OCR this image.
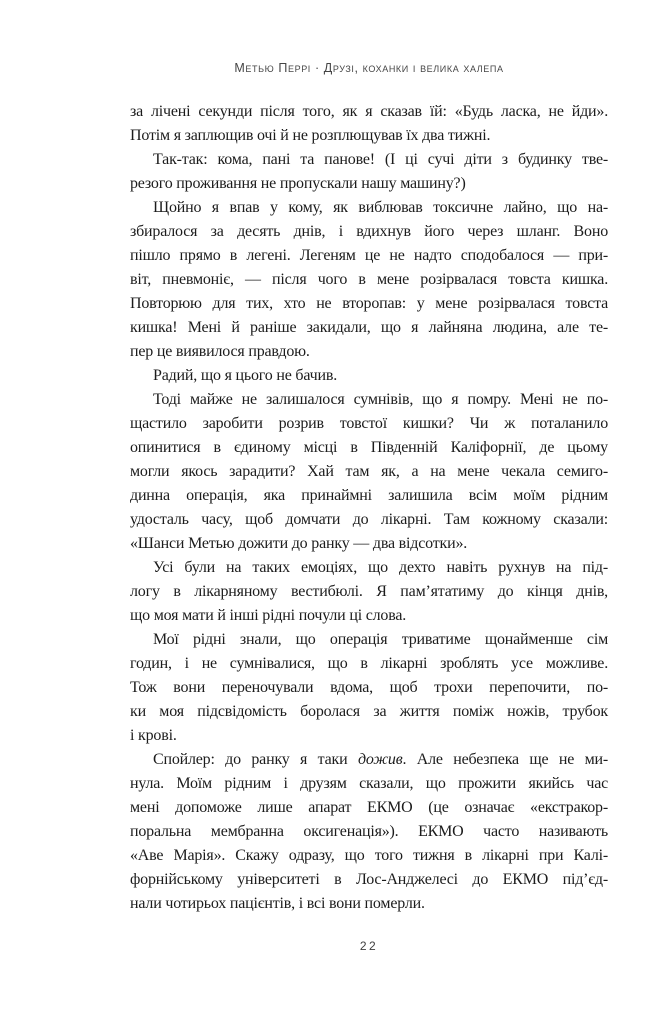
Метью Перрі · Друзі, коханки і велика халепа
за лічені секунди після того, як я сказав їй: «Будь ласка, не йди».
Потім я заплющив очі й не розплющував їх два тижні.
Так-так: кома, пані та панове! (І ці сучі діти з будинку тве-
резого проживання не пропускали нашу машину?)
Щойно я впав у кому, як виблював токсичне лайно, що на-
збиралося за десять днів, і вдихнув його через шланг. Воно
пішло прямо в легені. Легеням це не надто сподобалося — при-
віт, пневмоніє, — після чого в мене розірвалася товста кишка.
Повторюю для тих, хто не второпав: у мене розірвалася товста
кишка! Мені й раніше закидали, що я лайняна людина, але те-
пер це виявилося правдою.
Радий, що я цього не бачив.
Тоді майже не залишалося сумнівів, що я помру. Мені не по-
щастило заробити розрив товстої кишки? Чи ж поталанило
опинитися в єдиному місці в Південній Каліфорнії, де цьому
могли якось зарадити? Хай там як, а на мене чекала семиго-
динна операція, яка принаймні залишила всім моїм рідним
удосталь часу, щоб домчати до лікарні. Там кожному сказали:
«Шанси Метью дожити до ранку — два відсотки».
Усі були на таких емоціях, що дехто навіть рухнув на під-
логу в лікарняному вестибюлі. Я пам’ятатиму до кінця днів,
що моя мати й інші рідні почули ці слова.
Мої рідні знали, що операція триватиме щонайменше сім
годин, і не сумнівалися, що в лікарні зроблять усе можливе.
Тож вони переночували вдома, щоб трохи перепочити, по-
ки моя підсвідомість боролася за життя поміж ножів, трубок
і крові.
Спойлер: до ранку я таки дожив. Але небезпека ще не ми-
нула. Моїм рідним і друзям сказали, що прожити якийсь час
мені допоможе лише апарат ЕКМО (це означає «екстракор-
поральна мембранна оксигенація»). ЕКМО часто називають
«Аве Марія». Скажу одразу, що того тижня в лікарні при Калі-
форнійському університеті в Лос-Анджелесі до ЕКМО під’єд-
нали чотирьох пацієнтів, і всі вони померли.
22
